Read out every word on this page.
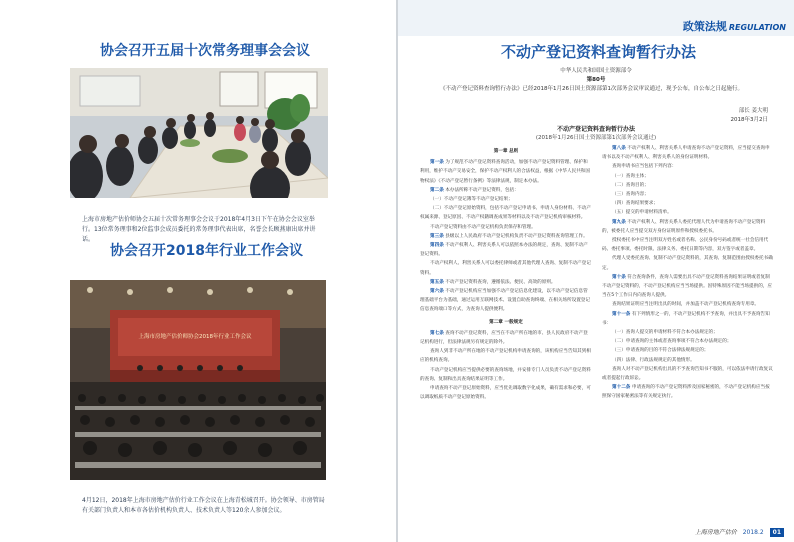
协会召开五届十次常务理事会会议
上海市房地产估价师协会五届十次常务理事会会议于2018年4月3日下午在协会会议室举行。13位常务理事和2位监事会成员委托的常务理事代表出席，名誉会长顾燕康出席并讲话。
协会召开2018年行业工作会议
上海市房地产估价师协会2018年行业工作会议
4月12日，2018年上海市房地产估价行业工作会议在上海青松城召开。协会领导、市房管局有关部门负责人和本市各估价机构负责人、技术负责人等120余人参加会议。
政策法规 REGULATION
不动产登记资料查询暂行办法
中华人民共和国国土资源部令
第80号
《不动产登记资料查询暂行办法》已经2018年1月26日国土资源部第1次部务会议审议通过，现予公布，自公布之日起施行。
部长 姜大明
2018年3月2日
不动产登记资料查询暂行办法
(2018年1月26日国土资源部第1次部务会议通过)

第一章 总则

第一条 为了规范不动产登记资料查询活动，加强不动产登记资料管理、保护和利用，维护不动产交易安全，保护不动产权利人的合法权益，根据《中华人民共和国物权法》《不动产登记暂行条例》等法律法规，制定本办法。

第二条 本办法所称不动产登记资料，包括：

（一）不动产登记簿等不动产登记结果；

（二）不动产登记原始资料，包括不动产登记申请书、申请人身份材料、不动产权属来源、登记原因、不动产权籍调查成果等材料以及不动产登记机构审核材料。

不动产登记资料由不动产登记机构负责保存和管理。

第三条 县级以上人民政府不动产登记机构负责不动产登记资料查询管理工作。

第四条 不动产权利人、利害关系人可以依照本办法的规定，查询、复制不动产登记资料。

不动产权利人、利害关系人可以委托律师或者其他代理人查询、复制不动产登记资料。

第五条 不动产登记资料查询，遵循依法、便民、高效的原则。

第六条 不动产登记机构应当加强不动产登记信息化建设，以不动产登记信息管理基础平台为基础，通过运用互联网技术、设置自助查询终端、在相关场所设置登记信息查询端口等方式，为查询人提供便利。

第二章 一般规定

第七条 查询不动产登记资料，应当在不动产所在地的市、县人民政府不动产登记机构进行，但法律法规另有规定的除外。

查询人到非不动产所在地的不动产登记机构申请查询的，该机构应当告知其到相应的机构查询。

不动产登记机构应当提供必要的查询场地，并安排专门人员负责不动产登记资料的查询、复制和出具查询结果证明等工作。

申请查询不动产登记原始资料，应当优先调取数字化成果，确有需求和必要，可以调取纸质不动产登记原始资料。

第八条 不动产权利人、利害关系人申请查询不动产登记资料，应当提交查询申请书以及不动产权利人、利害关系人的身份证明材料。

查询申请书应当包括下列内容：

（一）查询主体；

（二）查询目的；

（三）查询内容；

（四）查询结果要求；

（五）提交的申请材料清单。

第九条 不动产权利人、利害关系人委托代理人代为申请查询不动产登记资料的，被委托人应当提交双方身份证明原件和授权委托书。

授权委托书中应当注明双方姓名或者名称、公民身份号码或者统一社会信用代码、委托事项、委托时限、法律义务、委托日期等内容，双方签字或者盖章。

代理人受委托查询、复制不动产登记资料的，其查询、复制范围由授权委托书确定。

第十条 符合查询条件，查询人需要出具不动产登记资料查询结果证明或者复制不动产登记资料的，不动产登记机构应当当场提供。因特殊原因不能当场提供的，应当在5个工作日内向查询人提供。

查询结果证明应当注明出具的时间，并加盖不动产登记机构查询专用章。

第十一条 有下列情形之一的，不动产登记机构不予查询，并出具不予查询告知书：

（一）查询人提交的申请材料不符合本办法规定的；

（二）申请查询的主体或者查询事项不符合本办法规定的；

（三）申请查询的目的不符合法律法规规定的；

（四）法律、行政法规规定的其他情形。

查询人对不动产登记机构出具的不予查询告知书不服的，可以依法申请行政复议或者提起行政诉讼。

第十二条 申请查询的不动产登记资料涉及国家秘密的，不动产登记机构应当按照保守国家秘密法等有关规定执行。

上海房地产估价 2018.2 01
